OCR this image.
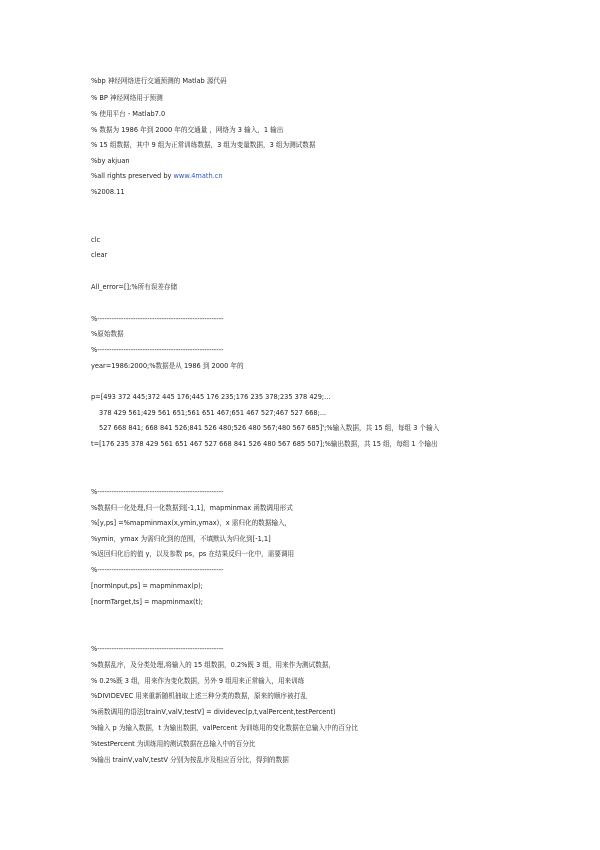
%bp 神经网络进行交通预测的 Matlab 源代码
% BP 神经网络用于预测
% 使用平台 - Matlab7.0
% 数据为 1986 年到 2000 年的交通量 ，网络为 3 输入，1 输出
% 15 组数据，其中 9 组为正常训练数据，3 组为变量数据，3 组为测试数据
%by akjuan
%all rights preserved by www.4math.cn
%2008.11
clc
clear
All_error=[];%所有误差存储
%-----------------------------------------------------
%原始数据
%-----------------------------------------------------
year=1986:2000;%数据是从 1986 到 2000 年的
p=[493 372 445;372 445 176;445 176 235;176 235 378;235 378 429;...
378 429 561;429 561 651;561 651 467;651 467 527;467 527 668;...
527 668 841; 668 841 526;841 526 480;526 480 567;480 567 685]';%输入数据，共 15 组，每组 3 个输入
t=[176 235 378 429 561 651 467 527 668 841 526 480 567 685 507];%输出数据，共 15 组，每组 1 个输出
%-----------------------------------------------------
%数据归一化处理,归一化数据到[-1,1]，mapminmax 函数调用形式
%[y,ps] =%mapminmax(x,ymin,ymax)，x 需归化的数据输入，
%ymin，ymax 为需归化到的范围，不填默认为归化到[-1,1]
%返回归化后的值 y，以及参数 ps，ps 在结果反归一化中，需要调用
%-----------------------------------------------------
[normInput,ps] = mapminmax(p);
[normTarget,ts] = mapminmax(t);
%-----------------------------------------------------
%数据乱序，及分类处理,将输入的 15 组数据，0.2%既 3 组，用来作为测试数据，
% 0.2%既 3 组，用来作为变化数据，另外 9 组用来正常输入，用来训练
%DIVIDEVEC 用来重新随机抽取上述三种分类的数据，原来的顺序被打乱
%函数调用的语法[trainV,valV,testV] = dividevec(p,t,valPercent,testPercent)
%输入 p 为输入数据，t 为输出数据，valPercent 为训练用的变化数据在总输入中的百分比
%testPercent 为训练用的测试数据在总输入中的百分比
%输出 trainV,valV,testV 分别为按乱序及相应百分比，得到的数据
